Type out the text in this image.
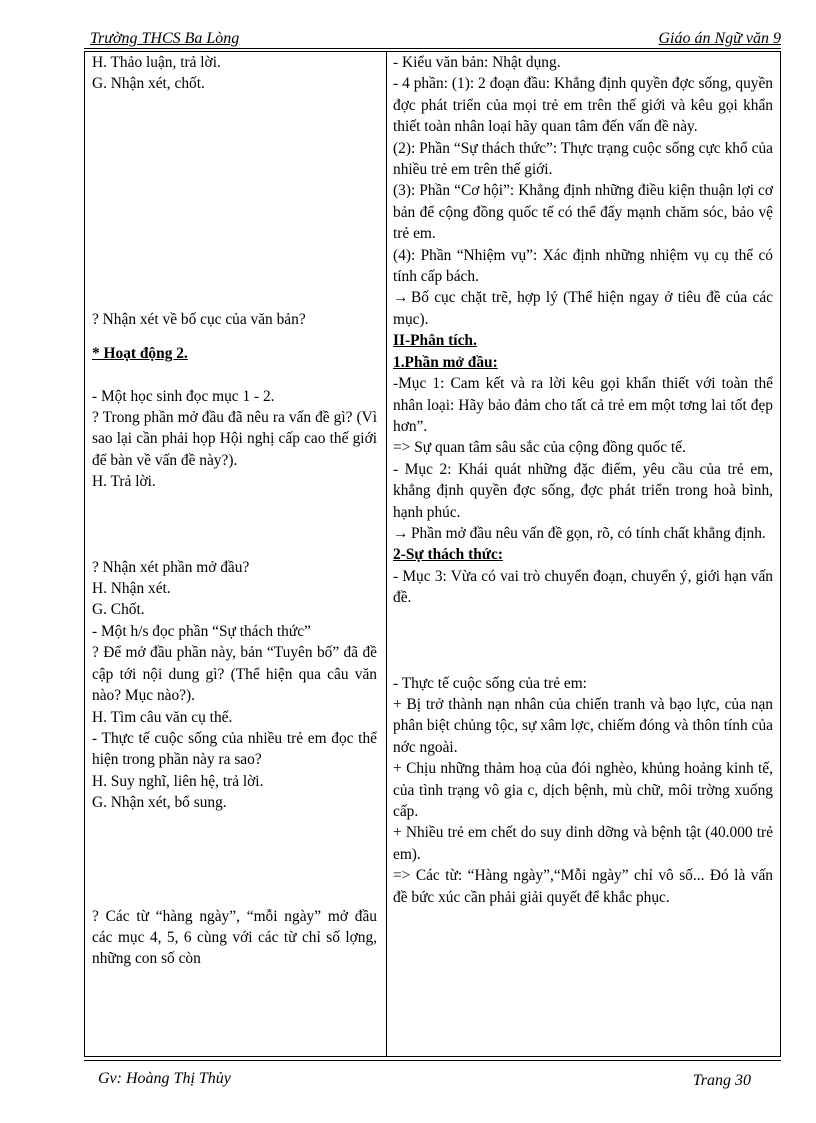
Trường THCS Ba Lòng	Giáo án Ngữ văn 9

H. Thảo luận, trả lời.

G. Nhận xét, chốt.

? Nhận xét về bố cục của văn bản?

* Hoạt động 2.

- Một học sinh đọc mục 1 - 2.

? Trong phần mở đầu đã nêu ra vấn đề gì? (Vì sao lại cần phải họp Hội nghị cấp cao thế giới để bàn về vấn đề này?).

H. Trả lời.

? Nhận xét phần mở đầu?

H. Nhận xét.

G. Chốt.

- Một h/s đọc phần “Sự thách thức”

? Để mở đầu phần này, bản “Tuyên bố” đã đề cập tới nội dung gì? (Thể hiện qua câu văn nào? Mục nào?).

H. Tìm câu văn cụ thể.

- Thực tế cuộc sống của nhiều trẻ em đọc thể hiện trong phần này ra sao?

H. Suy nghĩ, liên hệ, trả lời.

G. Nhận xét, bổ sung.

? Các từ “hàng ngày”, “mỗi ngày” mở đầu các mục 4, 5, 6 cùng với các từ chỉ số lợng, những con số còn

- Kiểu văn bản: Nhật dụng.

- 4 phần: (1): 2 đoạn đầu: Khẳng định quyền đợc sống, quyền đợc phát triển của mọi trẻ em trên thế giới và kêu gọi khẩn thiết toàn nhân loại hãy quan tâm đến vấn đề này.

(2): Phần “Sự thách thức”: Thực trạng cuộc sống cực khổ của nhiều trẻ em trên thế giới.

(3): Phần “Cơ hội”: Khẳng định những điều kiện thuận lợi cơ bản để cộng đồng quốc tế có thể đẩy mạnh chăm sóc, bảo vệ trẻ em.

(4): Phần “Nhiệm vụ”: Xác định những nhiệm vụ cụ thể có tính cấp bách.

→ Bố cục chặt trẽ, hợp lý (Thể hiện ngay ở tiêu đề của các mục).

II-Phân tích.

1.Phần mở đầu:

-Mục 1: Cam kết và ra lời kêu gọi khẩn thiết với toàn thể nhân loại: Hãy bảo đảm cho tất cả trẻ em một tơng lai tốt đẹp hơn”.

=> Sự quan tâm sâu sắc của cộng đồng quốc tế.

- Mục 2: Khái quát những đặc điểm, yêu cầu của trẻ em, khẳng định quyền đợc sống, đợc phát triển trong hoà bình, hạnh phúc.

→ Phần mở đầu nêu vấn đề gọn, rõ, có tính chất khẳng định.

2-Sự thách thức:

- Mục 3: Vừa có vai trò chuyển đoạn, chuyển ý, giới hạn vấn đề.

- Thực tế cuộc sống của trẻ em:

+ Bị trở thành nạn nhân của chiến tranh và bạo lực, của nạn phân biệt chủng tộc, sự xâm lợc, chiếm đóng và thôn tính của nớc ngoài.

+ Chịu những thảm hoạ của đói nghèo, khủng hoảng kinh tế, của tình trạng vô gia c, dịch bệnh, mù chữ, môi trờng xuống cấp.

+ Nhiều trẻ em chết do suy dinh dỡng và bệnh tật (40.000 trẻ em).

=> Các từ: “Hàng ngày”,“Mỗi ngày” chỉ vô số... Đó là vấn đề bức xúc cần phải giải quyết để khắc phục.

Gv: Hoàng Thị Thủy	Trang 30
